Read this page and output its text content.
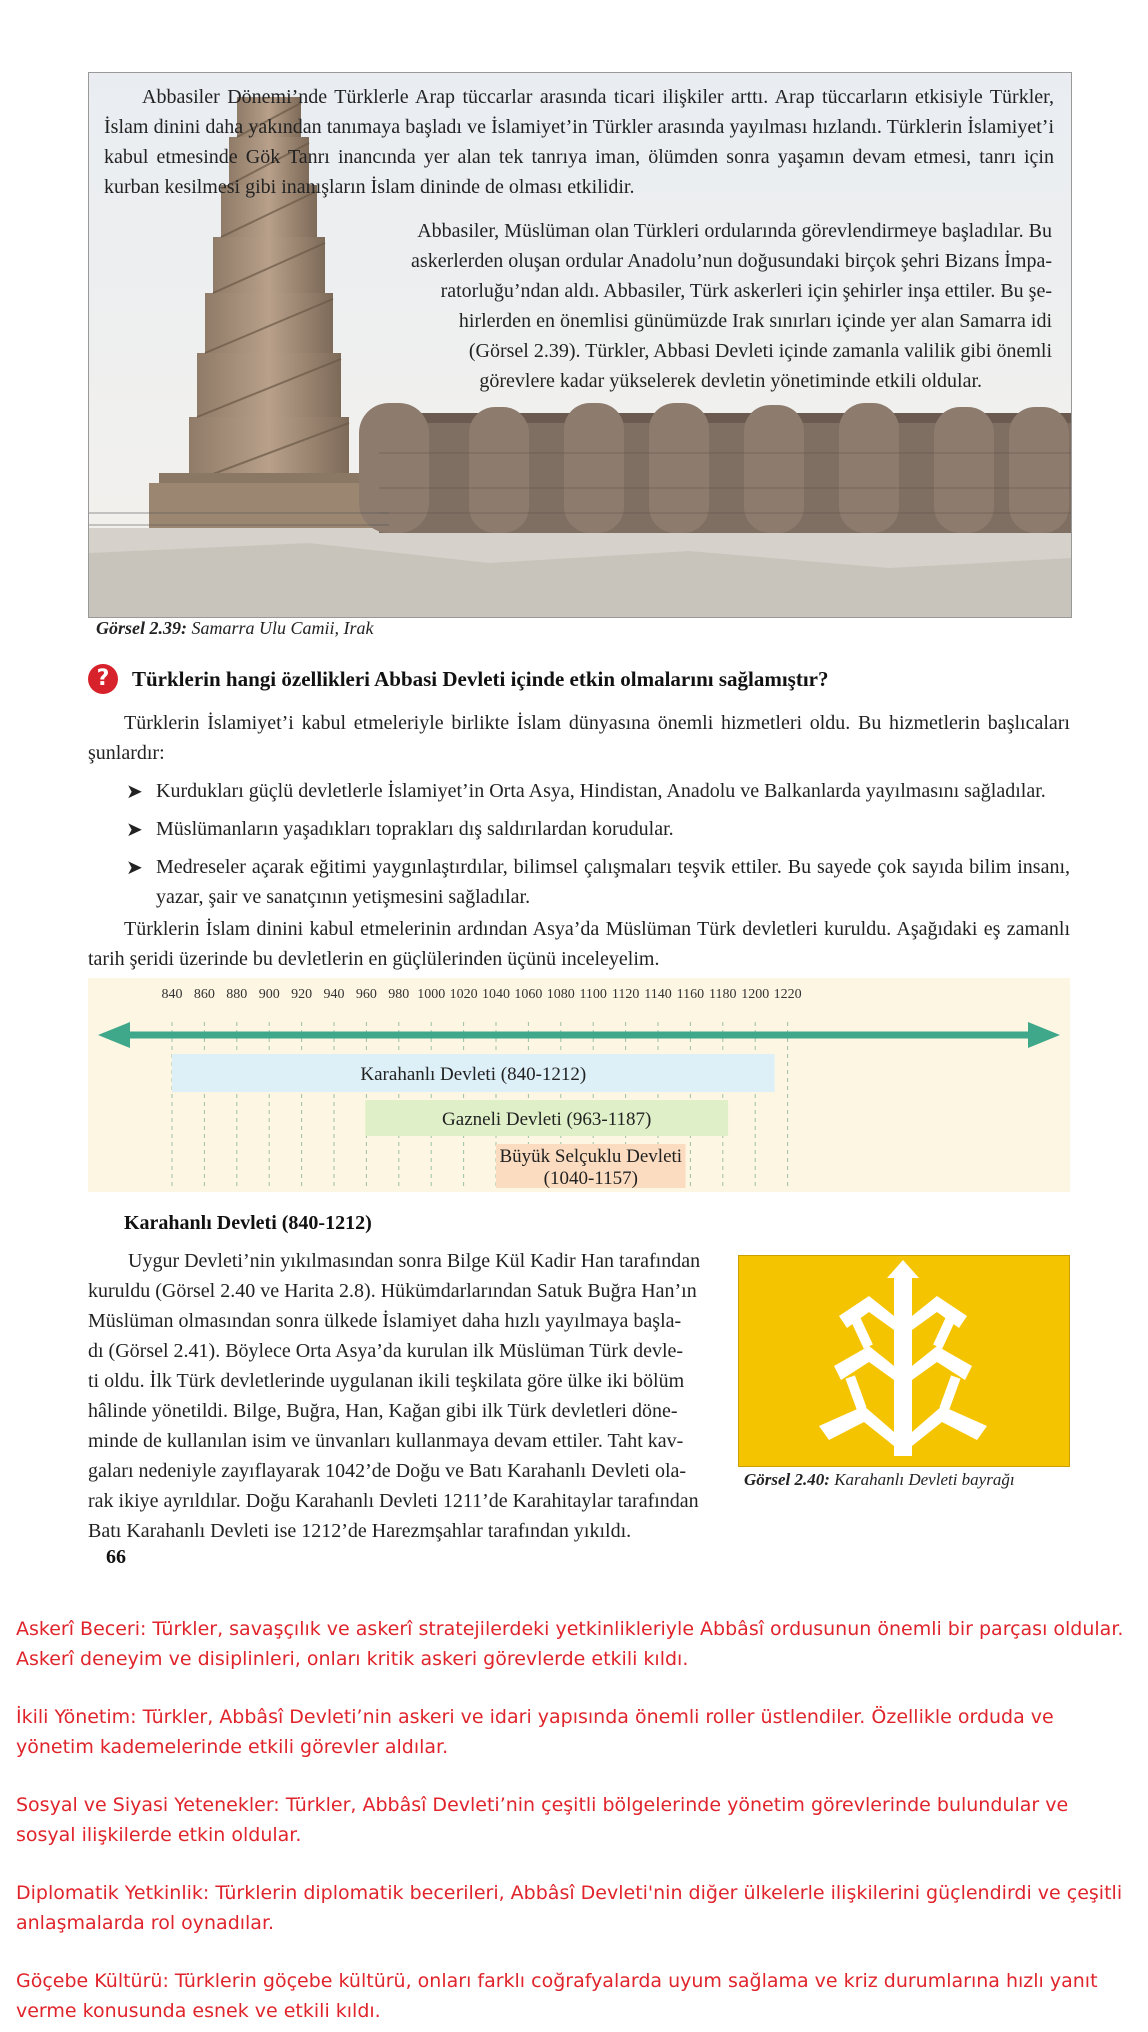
Abbasiler Dönemi’nde Türklerle Arap tüccarlar arasında ticari ilişkiler arttı. Arap tüccarların etkisiyle Türkler, İslam dinini daha yakından tanımaya başladı ve İslamiyet’in Türkler arasında yayılması hızlandı. Türklerin İslamiyet’i kabul etmesinde Gök Tanrı inancında yer alan tek tanrıya iman, ölümden sonra yaşamın devam etmesi, tanrı için kurban kesilmesi gibi inanışların İslam dininde de olması etkilidir.
Abbasiler, Müslüman olan Türkleri ordularında görevlendirmeye başladılar. Bu
askerlerden oluşan ordular Anadolu’nun doğusundaki birçok şehri Bizans İmpa-
ratorluğu’ndan aldı. Abbasiler, Türk askerleri için şehirler inşa ettiler. Bu şe-
hirlerden en önemlisi günümüzde Irak sınırları içinde yer alan Samarra idi
(Görsel 2.39). Türkler, Abbasi Devleti içinde zamanla valilik gibi önemli
görevlere kadar yükselerek devletin yönetiminde etkili oldular.
Görsel 2.39: Samarra Ulu Camii, Irak
?	Türklerin hangi özellikleri Abbasi Devleti içinde etkin olmalarını sağlamıştır?
Türklerin İslamiyet’i kabul etmeleriyle birlikte İslam dünyasına önemli hizmetleri oldu. Bu hizmetlerin başlıcaları şunlardır:
➤ Kurdukları güçlü devletlerle İslamiyet’in Orta Asya, Hindistan, Anadolu ve Balkanlarda yayılmasını sağladılar.
➤ Müslümanların yaşadıkları toprakları dış saldırılardan korudular.
➤ Medreseler açarak eğitimi yaygınlaştırdılar, bilimsel çalışmaları teşvik ettiler. Bu sayede çok sayıda bilim insanı, yazar, şair ve sanatçının yetişmesini sağladılar.
Türklerin İslam dinini kabul etmelerinin ardından Asya’da Müslüman Türk devletleri kuruldu. Aşağıdaki eş zamanlı tarih şeridi üzerinde bu devletlerin en güçlülerinden üçünü inceleyelim.
840 860 880 900 920 940 960 980 1000 1020 1040 1060 1080 1100 1120 1140 1160 1180 1200 1220
Karahanlı Devleti (840-1212)
Gazneli Devleti (963-1187)
Büyük Selçuklu Devleti
(1040-1157)
Karahanlı Devleti (840-1212)
Uygur Devleti’nin yıkılmasından sonra Bilge Kül Kadir Han tarafından
kuruldu (Görsel 2.40 ve Harita 2.8). Hükümdarlarından Satuk Buğra Han’ın
Müslüman olmasından sonra ülkede İslamiyet daha hızlı yayılmaya başla-
dı (Görsel 2.41). Böylece Orta Asya’da kurulan ilk Müslüman Türk devle-
ti oldu. İlk Türk devletlerinde uygulanan ikili teşkilata göre ülke iki bölüm
hâlinde yönetildi. Bilge, Buğra, Han, Kağan gibi ilk Türk devletleri döne-
minde de kullanılan isim ve ünvanları kullanmaya devam ettiler. Taht kav-
gaları nedeniyle zayıflayarak 1042’de Doğu ve Batı Karahanlı Devleti ola-
rak ikiye ayrıldılar. Doğu Karahanlı Devleti 1211’de Karahitaylar tarafından
Batı Karahanlı Devleti ise 1212’de Harezmşahlar tarafından yıkıldı.
Görsel 2.40: Karahanlı Devleti bayrağı
66
Askerî Beceri: Türkler, savaşçılık ve askerî stratejilerdeki yetkinlikleriyle Abbâsî ordusunun önemli bir parçası oldular. Askerî deneyim ve disiplinleri, onları kritik askeri görevlerde etkili kıldı.
İkili Yönetim: Türkler, Abbâsî Devleti’nin askeri ve idari yapısında önemli roller üstlendiler. Özellikle orduda ve yönetim kademelerinde etkili görevler aldılar.
Sosyal ve Siyasi Yetenekler: Türkler, Abbâsî Devleti’nin çeşitli bölgelerinde yönetim görevlerinde bulundular ve sosyal ilişkilerde etkin oldular.
Diplomatik Yetkinlik: Türklerin diplomatik becerileri, Abbâsî Devleti'nin diğer ülkelerle ilişkilerini güçlendirdi ve çeşitli anlaşmalarda rol oynadılar.
Göçebe Kültürü: Türklerin göçebe kültürü, onları farklı coğrafyalarda uyum sağlama ve kriz durumlarına hızlı yanıt verme konusunda esnek ve etkili kıldı.
